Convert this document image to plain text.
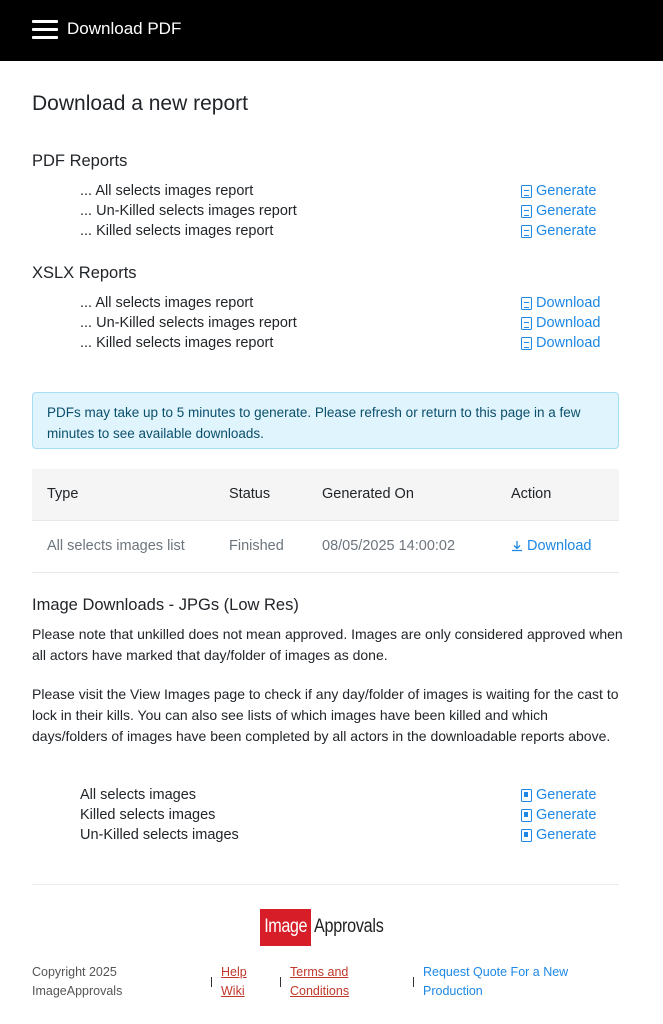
Download PDF
Download a new report
PDF Reports
... All selects images report	Generate
... Un-Killed selects images report	Generate
... Killed selects images report	Generate
XSLX Reports
... All selects images report	Download
... Un-Killed selects images report	Download
... Killed selects images report	Download
PDFs may take up to 5 minutes to generate. Please refresh or return to this page in a few minutes to see available downloads.
Type	Status	Generated On	Action
All selects images list	Finished	08/05/2025 14:00:02	Download
Image Downloads - JPGs (Low Res)
Please note that unkilled does not mean approved. Images are only considered approved when all actors have marked that day/folder of images as done.
Please visit the View Images page to check if any day/folder of images is waiting for the cast to lock in their kills. You can also see lists of which images have been killed and which days/folders of images have been completed by all actors in the downloadable reports above.
All selects images	Generate
Killed selects images	Generate
Un-Killed selects images	Generate
Image Approvals
Copyright 2025
ImageApprovals
Help
Wiki
Terms and
Conditions
Request Quote For a New
Production
